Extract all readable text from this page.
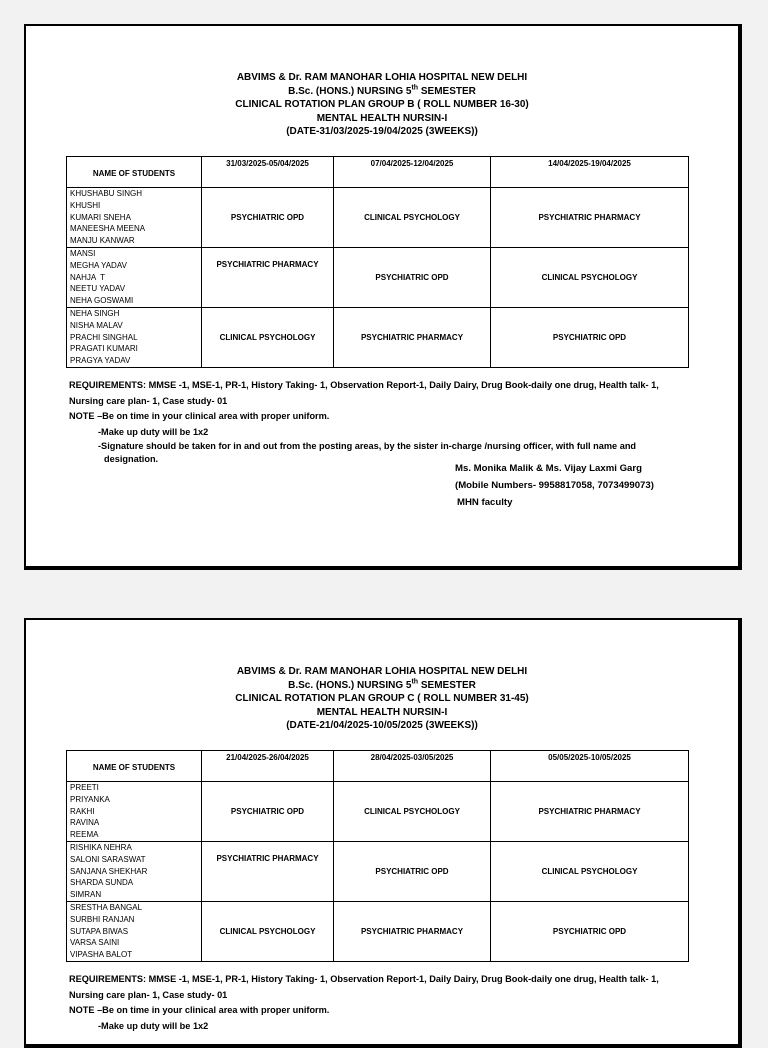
ABVIMS & Dr. RAM MANOHAR LOHIA HOSPITAL NEW DELHI
B.Sc. (HONS.) NURSING 5th SEMESTER
CLINICAL ROTATION PLAN GROUP B ( ROLL NUMBER 16-30)
MENTAL HEALTH NURSIN-I
(DATE-31/03/2025-19/04/2025 (3WEEKS))
NAME OF STUDENTS	31/03/2025-05/04/2025	07/04/2025-12/04/2025	14/04/2025-19/04/2025

KHUSHABU SINGH
KHUSHI
KUMARI SNEHA
MANEESHA MEENA
MANJU KANWAR	PSYCHIATRIC OPD	CLINICAL PSYCHOLOGY	PSYCHIATRIC PHARMACY

MANSI
MEGHA YADAV
NAHJA  T
NEETU YADAV
NEHA GOSWAMI	PSYCHIATRIC PHARMACY	PSYCHIATRIC OPD	CLINICAL PSYCHOLOGY

NEHA SINGH
NISHA MALAV
PRACHI SINGHAL
PRAGATI KUMARI
PRAGYA YADAV	CLINICAL PSYCHOLOGY	PSYCHIATRIC PHARMACY	PSYCHIATRIC OPD
REQUIREMENTS: MMSE -1, MSE-1, PR-1, History Taking- 1, Observation Report-1, Daily Dairy, Drug Book-daily one drug, Health talk- 1,
Nursing care plan- 1, Case study- 01
NOTE –Be on time in your clinical area with proper uniform.
-Make up duty will be 1x2
-Signature should be taken for in and out from the posting areas, by the sister in-charge /nursing officer, with full name and
designation.
Ms. Monika Malik & Ms. Vijay Laxmi Garg
(Mobile Numbers- 9958817058, 7073499073)
MHN faculty
ABVIMS & Dr. RAM MANOHAR LOHIA HOSPITAL NEW DELHI
B.Sc. (HONS.) NURSING 5th SEMESTER
CLINICAL ROTATION PLAN GROUP C ( ROLL NUMBER 31-45)
MENTAL HEALTH NURSIN-I
(DATE-21/04/2025-10/05/2025 (3WEEKS))
NAME OF STUDENTS	21/04/2025-26/04/2025	28/04/2025-03/05/2025	05/05/2025-10/05/2025

PREETI
PRIYANKA
RAKHI
RAVINA
REEMA	PSYCHIATRIC OPD	CLINICAL PSYCHOLOGY	PSYCHIATRIC PHARMACY

RISHIKA NEHRA
SALONI SARASWAT
SANJANA SHEKHAR
SHARDA SUNDA
SIMRAN	PSYCHIATRIC PHARMACY	PSYCHIATRIC OPD	CLINICAL PSYCHOLOGY

SRESTHA BANGAL
SURBHI RANJAN
SUTAPA BIWAS
VARSA SAINI
VIPASHA BALOT	CLINICAL PSYCHOLOGY	PSYCHIATRIC PHARMACY	PSYCHIATRIC OPD
REQUIREMENTS: MMSE -1, MSE-1, PR-1, History Taking- 1, Observation Report-1, Daily Dairy, Drug Book-daily one drug, Health talk- 1,
Nursing care plan- 1, Case study- 01
NOTE –Be on time in your clinical area with proper uniform.
-Make up duty will be 1x2
